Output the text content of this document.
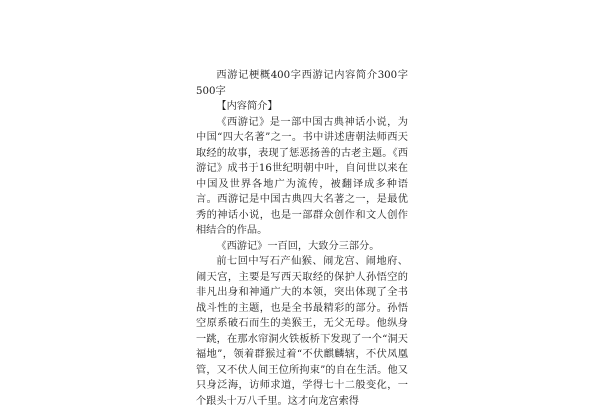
西游记梗概400字西游记内容简介300字500字

【内容简介】

《西游记》是一部中国古典神话小说，为中国“四大名著”之一。书中讲述唐朝法师西天取经的故事，表现了惩恶扬善的古老主题。《西游记》成书于16世纪明朝中叶，自问世以来在中国及世界各地广为流传，被翻译成多种语言。西游记是中国古典四大名著之一，是最优秀的神话小说，也是一部群众创作和文人创作相结合的作品。

《西游记》一百回，大致分三部分。

前七回中写石产仙猴、闹龙宫、闹地府、闹天宫，主要是写西天取经的保护人孙悟空的非凡出身和神通广大的本领，突出体现了全书战斗性的主题，也是全书最精彩的部分。孙悟空原系破石而生的美猴王，无父无母。他纵身一跳，在那水帘洞火铁板桥下发现了一个“洞天福地”，领着群猴过着“不伏麒麟辖，不伏凤凰管，又不伏人间王位所拘束”的自在生活。他又只身泛海，访师求道，学得七十二般变化，一个跟头十万八千里。这才向龙宫索得
